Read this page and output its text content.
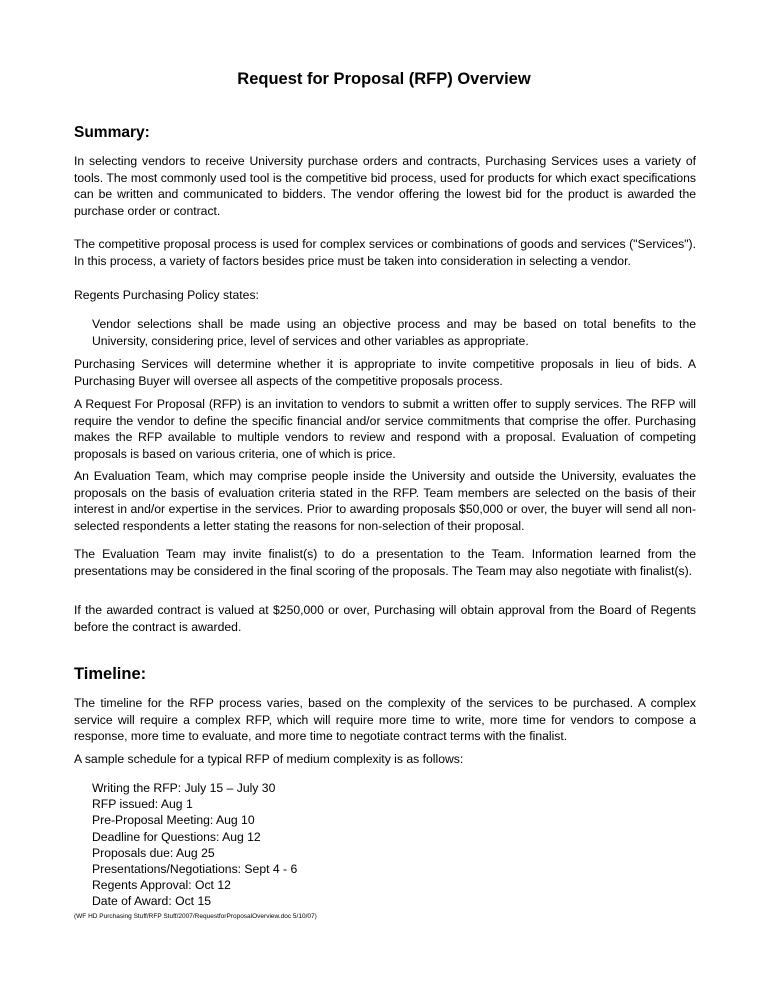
Request for Proposal (RFP) Overview
Summary:

In selecting vendors to receive University purchase orders and contracts, Purchasing Services uses a variety of tools. The most commonly used tool is the competitive bid process, used for products for which exact specifications can be written and communicated to bidders. The vendor offering the lowest bid for the product is awarded the purchase order or contract.

The competitive proposal process is used for complex services or combinations of goods and services ("Services"). In this process, a variety of factors besides price must be taken into consideration in selecting a vendor.

Regents Purchasing Policy states:

Vendor selections shall be made using an objective process and may be based on total benefits to the University, considering price, level of services and other variables as appropriate.

Purchasing Services will determine whether it is appropriate to invite competitive proposals in lieu of bids. A Purchasing Buyer will oversee all aspects of the competitive proposals process.

A Request For Proposal (RFP) is an invitation to vendors to submit a written offer to supply services. The RFP will require the vendor to define the specific financial and/or service commitments that comprise the offer. Purchasing makes the RFP available to multiple vendors to review and respond with a proposal. Evaluation of competing proposals is based on various criteria, one of which is price.

An Evaluation Team, which may comprise people inside the University and outside the University, evaluates the proposals on the basis of evaluation criteria stated in the RFP. Team members are selected on the basis of their interest in and/or expertise in the services. Prior to awarding proposals $50,000 or over, the buyer will send all non-selected respondents a letter stating the reasons for non-selection of their proposal.

The Evaluation Team may invite finalist(s) to do a presentation to the Team. Information learned from the presentations may be considered in the final scoring of the proposals. The Team may also negotiate with finalist(s).

If the awarded contract is valued at $250,000 or over, Purchasing will obtain approval from the Board of Regents before the contract is awarded.

Timeline:

The timeline for the RFP process varies, based on the complexity of the services to be purchased. A complex service will require a complex RFP, which will require more time to write, more time for vendors to compose a response, more time to evaluate, and more time to negotiate contract terms with the finalist.

A sample schedule for a typical RFP of medium complexity is as follows:

Writing the RFP: July 15 – July 30
RFP issued: Aug 1
Pre-Proposal Meeting: Aug 10
Deadline for Questions: Aug 12
Proposals due: Aug 25
Presentations/Negotiations: Sept 4 - 6
Regents Approval: Oct 12
Date of Award: Oct 15
(WF HD Purchasing Stuff/RFP Stuff/2007/RequestforProposalOverview.doc 5/10/07)
